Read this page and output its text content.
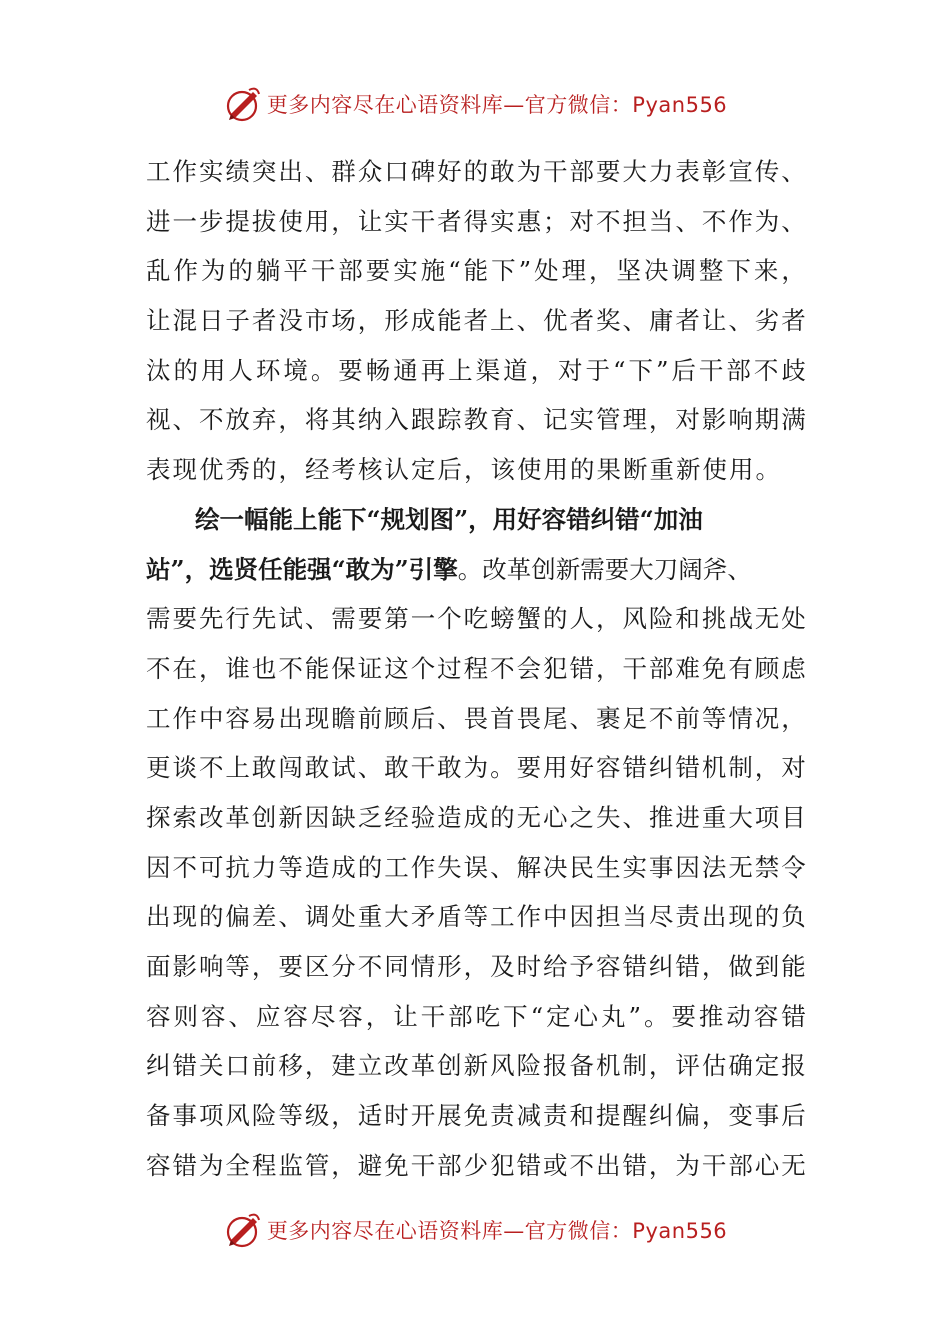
更多内容尽在心语资料库—官方微信：Pyan556
工 作 实 绩 突 出 、 群 众 口 碑 好 的 敢 为 干 部 要 大 力 表 彰 宣 传 、
进 一 步 提 拔 使 用 ， 让 实 干 者 得 实 惠 ； 对 不 担 当 、 不 作 为 、
乱 作 为 的 躺 平 干 部 要 实 施 “ 能 下 ” 处 理 ， 坚 决 调 整 下 来 ，
让 混 日 子 者 没 市 场 ， 形 成 能 者 上 、 优 者 奖 、 庸 者 让 、 劣 者
汰 的 用 人 环 境 。 要 畅 通 再 上 渠 道 ， 对 于 “ 下 ” 后 干 部 不 歧
视 、 不 放 弃 ， 将 其 纳 入 跟 踪 教 育 、 记 实 管 理 ， 对 影 响 期 满
表现优秀的，经考核认定后，该使用的果断重新使用。
绘一幅能上能下“规划图”，用好容错纠错“加油
站”，选贤任能强“敢为”引擎 。改革创新需要大刀阔斧、
需 要 先 行 先 试 、 需 要 第 一 个 吃 螃 蟹 的 人 ， 风 险 和 挑 战 无 处
不 在 ， 谁 也 不 能 保 证 这 个 过 程 不 会 犯 错 ， 干 部 难 免 有 顾 虑
工 作 中 容 易 出 现 瞻 前 顾 后 、 畏 首 畏 尾 、 裹 足 不 前 等 情 况 ，
更 谈 不 上 敢 闯 敢 试 、 敢 干 敢 为 。 要 用 好 容 错 纠 错 机 制 ， 对
探 索 改 革 创 新 因 缺 乏 经 验 造 成 的 无 心 之 失 、 推 进 重 大 项 目
因 不 可 抗 力 等 造 成 的 工 作 失 误 、 解 决 民 生 实 事 因 法 无 禁 令
出 现 的 偏 差 、 调 处 重 大 矛 盾 等 工 作 中 因 担 当 尽 责 出 现 的 负
面 影 响 等 ， 要 区 分 不 同 情 形 ， 及 时 给 予 容 错 纠 错 ， 做 到 能
容 则 容 、 应 容 尽 容 ， 让 干 部 吃 下 “ 定 心 丸 ” 。 要 推 动 容 错
纠 错 关 口 前 移 ， 建 立 改 革 创 新 风 险 报 备 机 制 ， 评 估 确 定 报
备 事 项 风 险 等 级 ， 适 时 开 展 免 责 减 责 和 提 醒 纠 偏 ， 变 事 后
容 错 为 全 程 监 管 ， 避 免 干 部 少 犯 错 或 不 出 错 ， 为 干 部 心 无
更多内容尽在心语资料库—官方微信：Pyan556
